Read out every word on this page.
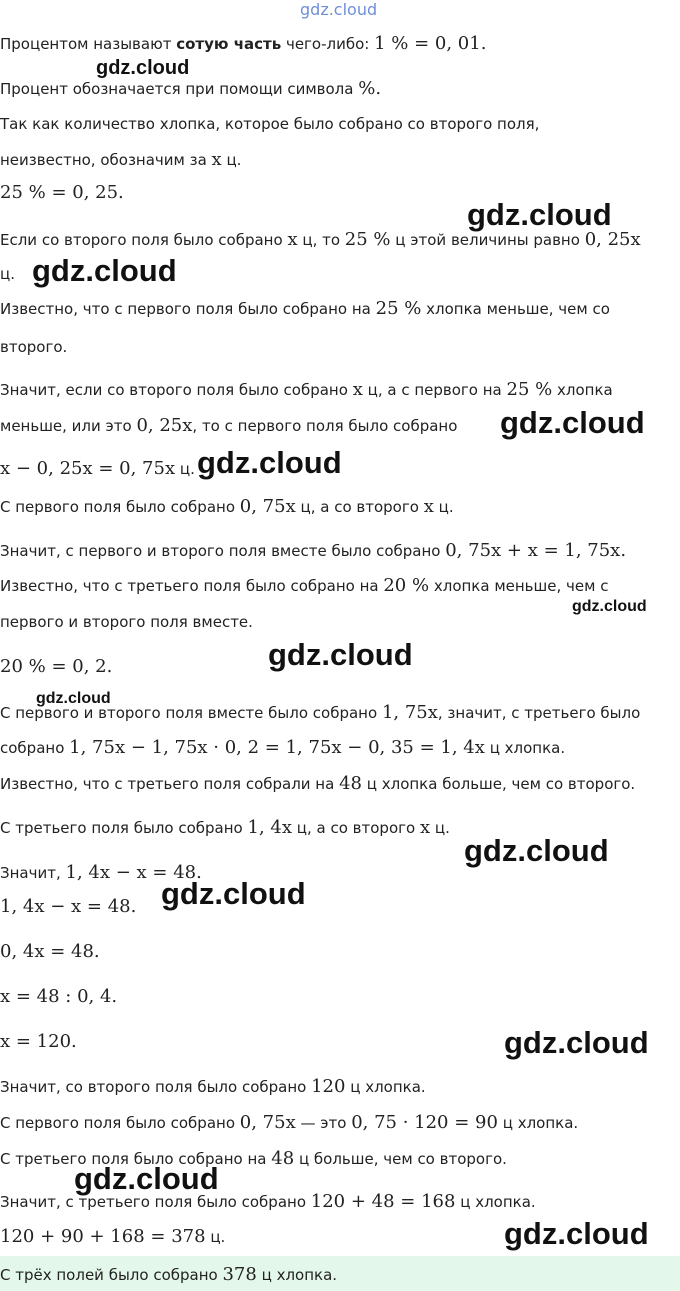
gdz.cloud
Процентом называют сотую часть чего-либо: 1 % = 0, 01.
Процент обозначается при помощи символа %.
Так как количество хлопка, которое было собрано со второго поля,
неизвестно, обозначим за x ц.
25 % = 0, 25.
Если со второго поля было собрано x ц, то 25 % ц этой величины равно 0, 25x
ц.
Известно, что с первого поля было собрано на 25 % хлопка меньше, чем со
второго.
Значит, если со второго поля было собрано x ц, а с первого на 25 % хлопка
меньше, или это 0, 25x, то с первого поля было собрано
x − 0, 25x = 0, 75x ц.
С первого поля было собрано 0, 75x ц, а со второго x ц.
Значит, с первого и второго поля вместе было собрано 0, 75x + x = 1, 75x.
Известно, что с третьего поля было собрано на 20 % хлопка меньше, чем с
первого и второго поля вместе.
20 % = 0, 2.
С первого и второго поля вместе было собрано 1, 75x, значит, с третьего было
собрано 1, 75x − 1, 75x · 0, 2 = 1, 75x − 0, 35 = 1, 4x ц хлопка.
Известно, что с третьего поля собрали на 48 ц хлопка больше, чем со второго.
С третьего поля было собрано 1, 4x ц, а со второго x ц.
Значит, 1, 4x − x = 48.
1, 4x − x = 48.
0, 4x = 48.
x = 48 : 0, 4.
x = 120.
Значит, со второго поля было собрано 120 ц хлопка.
С первого поля было собрано 0, 75x — это 0, 75 · 120 = 90 ц хлопка.
С третьего поля было собрано на 48 ц больше, чем со второго.
Значит, с третьего поля было собрано 120 + 48 = 168 ц хлопка.
120 + 90 + 168 = 378 ц.
С трёх полей было собрано 378 ц хлопка.
gdz.cloud
gdz.cloud
gdz.cloud
gdz.cloud
gdz.cloud
gdz.cloud
gdz.cloud
gdz.cloud
gdz.cloud
gdz.cloud
gdz.cloud
gdz.cloud
gdz.cloud
